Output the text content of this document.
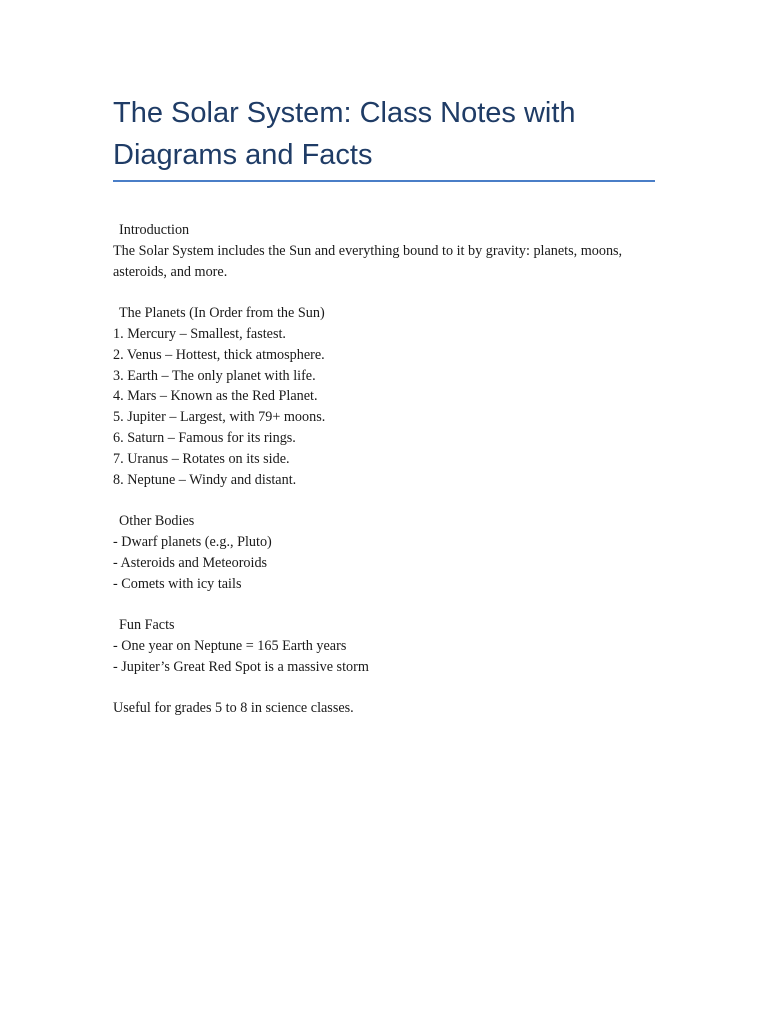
The Solar System: Class Notes with Diagrams and Facts
Introduction
The Solar System includes the Sun and everything bound to it by gravity: planets, moons, asteroids, and more.
The Planets (In Order from the Sun)
1. Mercury – Smallest, fastest.
2. Venus – Hottest, thick atmosphere.
3. Earth – The only planet with life.
4. Mars – Known as the Red Planet.
5. Jupiter – Largest, with 79+ moons.
6. Saturn – Famous for its rings.
7. Uranus – Rotates on its side.
8. Neptune – Windy and distant.
Other Bodies
- Dwarf planets (e.g., Pluto)
- Asteroids and Meteoroids
- Comets with icy tails
Fun Facts
- One year on Neptune = 165 Earth years
- Jupiter’s Great Red Spot is a massive storm
Useful for grades 5 to 8 in science classes.
